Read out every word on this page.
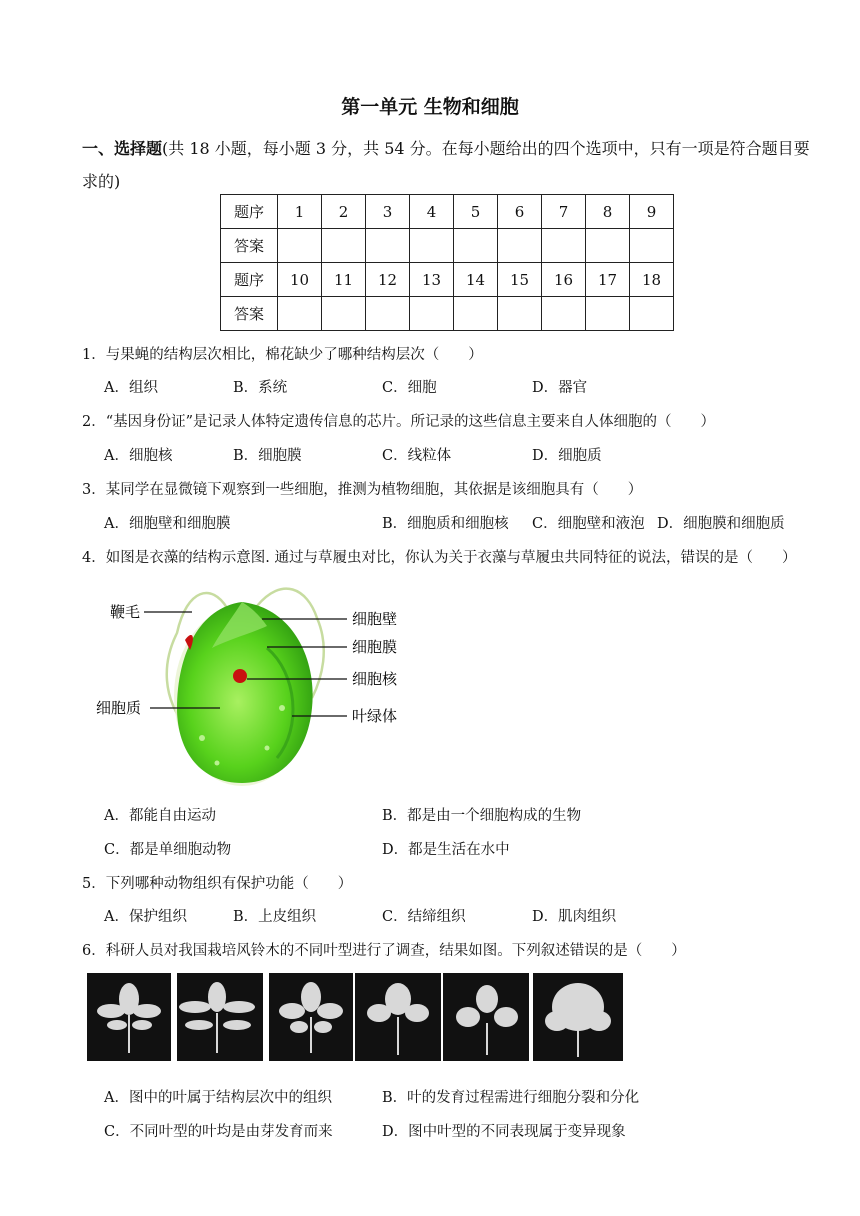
第一单元 生物和细胞
一、选择题(共 18 小题，每小题 3 分，共 54 分。在每小题给出的四个选项中，只有一项是符合题目要求的)
题序	1	2	3	4	5	6	7	8	9
答案									
题序	10	11	12	13	14	15	16	17	18
答案									
1．与果蝇的结构层次相比，棉花缺少了哪种结构层次（　　）
A．组织	B．系统	C．细胞	D．器官
2．“基因身份证”是记录人体特定遗传信息的芯片。所记录的这些信息主要来自人体细胞的（　　）
A．细胞核	B．细胞膜	C．线粒体	D．细胞质
3．某同学在显微镜下观察到一些细胞，推测为植物细胞，其依据是该细胞具有（　　）
A．细胞壁和细胞膜	B．细胞质和细胞核 C．细胞壁和液泡 D．细胞膜和细胞质
4．如图是衣藻的结构示意图. 通过与草履虫对比，你认为关于衣藻与草履虫共同特征的说法，错误的是（　　）
鞭毛	细胞壁
细胞膜
细胞核
细胞质	叶绿体
A．都能自由运动	B．都是由一个细胞构成的生物
C．都是单细胞动物	D．都是生活在水中
5．下列哪种动物组织有保护功能（　　）
A．保护组织	B．上皮组织	C．结缔组织	D．肌肉组织
6．科研人员对我国栽培风铃木的不同叶型进行了调查，结果如图。下列叙述错误的是（　　）
A．图中的叶属于结构层次中的组织	B．叶的发育过程需进行细胞分裂和分化
C．不同叶型的叶均是由芽发育而来	D．图中叶型的不同表现属于变异现象
